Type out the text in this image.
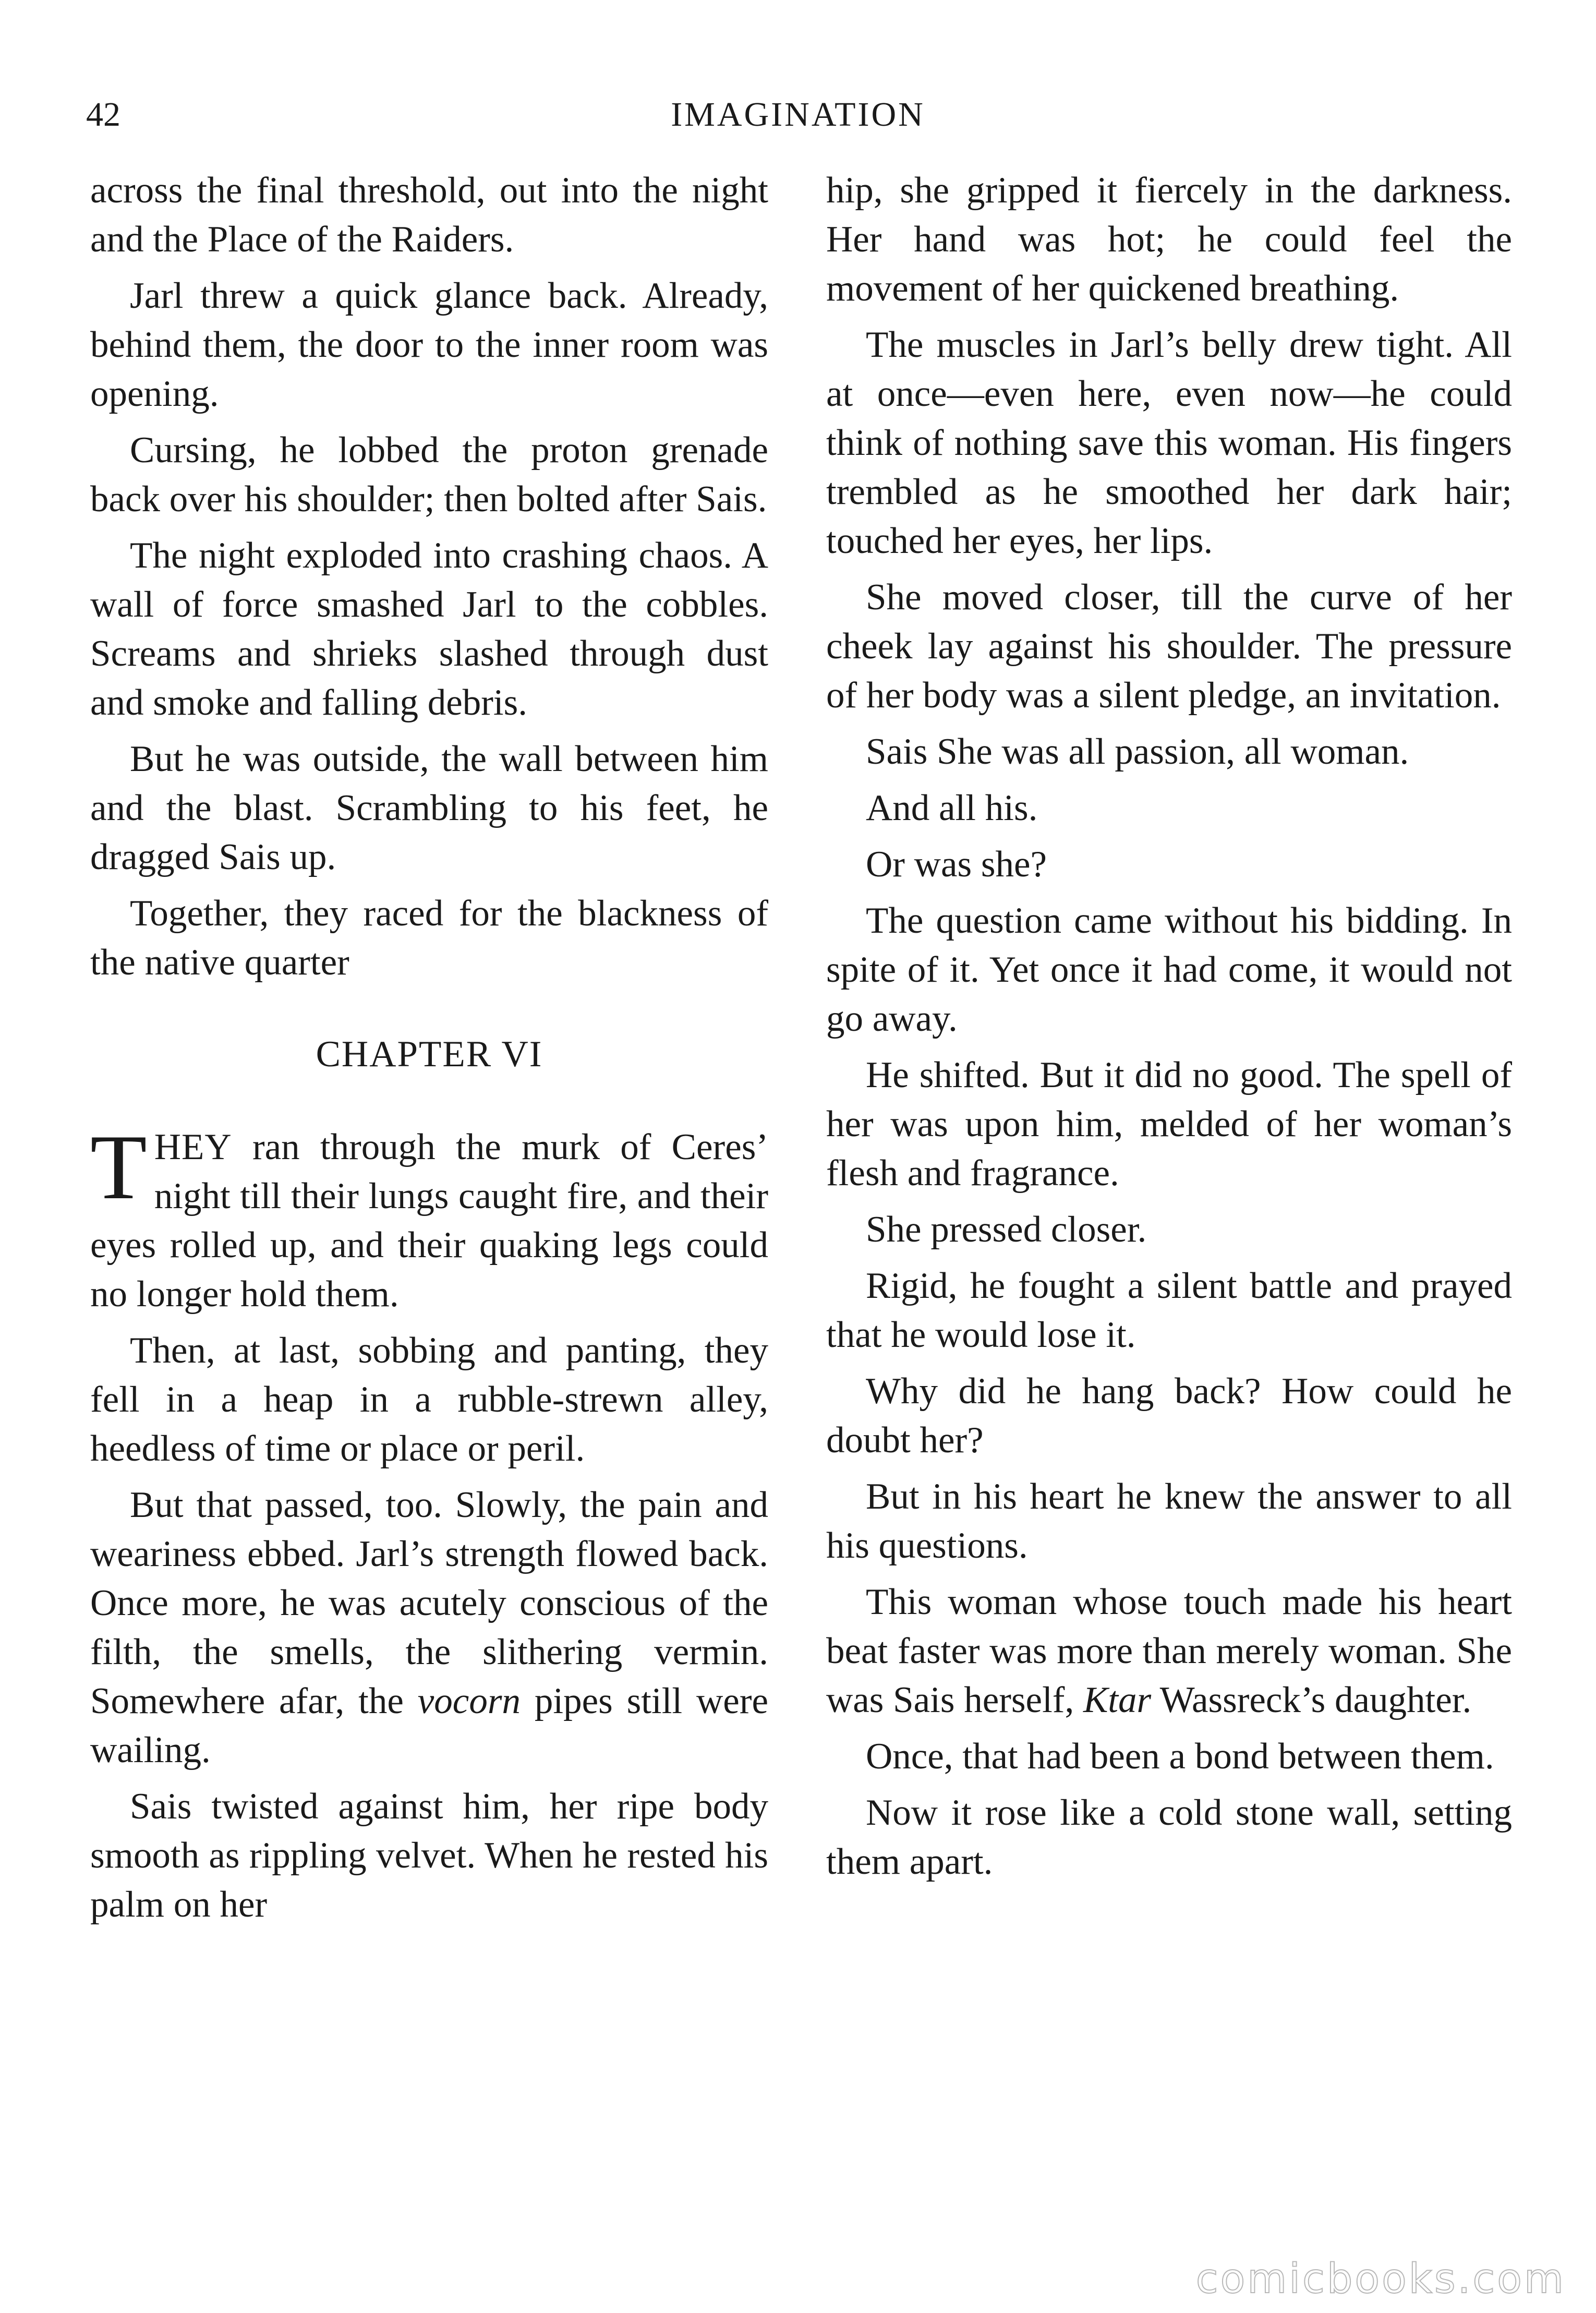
42	IMAGINATION

across the final threshold, out into the night and the Place of the Raiders.

Jarl threw a quick glance back. Already, behind them, the door to the inner room was opening.

Cursing, he lobbed the proton grenade back over his shoulder; then bolted after Sais.

The night exploded into crashing chaos. A wall of force smashed Jarl to the cobbles. Screams and shrieks slashed through dust and smoke and falling debris.

But he was outside, the wall between him and the blast. Scrambling to his feet, he dragged Sais up.

Together, they raced for the blackness of the native quarter

CHAPTER VI

THEY ran through the murk of Ceres’ night till their lungs caught fire, and their eyes rolled up, and their quaking legs could no longer hold them.

Then, at last, sobbing and panting, they fell in a heap in a rubble-strewn alley, heedless of time or place or peril.

But that passed, too. Slowly, the pain and weariness ebbed. Jarl’s strength flowed back. Once more, he was acutely conscious of the filth, the smells, the slithering vermin. Somewhere afar, the vocorn pipes still were wailing.

Sais twisted against him, her ripe body smooth as rippling velvet. When he rested his palm on her

hip, she gripped it fiercely in the darkness. Her hand was hot; he could feel the movement of her quickened breathing.

The muscles in Jarl’s belly drew tight. All at once—even here, even now—he could think of nothing save this woman. His fingers trembled as he smoothed her dark hair; touched her eyes, her lips.

She moved closer, till the curve of her cheek lay against his shoulder. The pressure of her body was a silent pledge, an invitation.

Sais She was all passion, all woman.

And all his.

Or was she?

The question came without his bidding. In spite of it. Yet once it had come, it would not go away.

He shifted. But it did no good. The spell of her was upon him, melded of her woman’s flesh and fragrance.

She pressed closer.

Rigid, he fought a silent battle and prayed that he would lose it.

Why did he hang back? How could he doubt her?

But in his heart he knew the answer to all his questions.

This woman whose touch made his heart beat faster was more than merely woman. She was Sais herself, Ktar Wassreck’s daughter.

Once, that had been a bond between them.

Now it rose like a cold stone wall, setting them apart.

comicbooks.com
